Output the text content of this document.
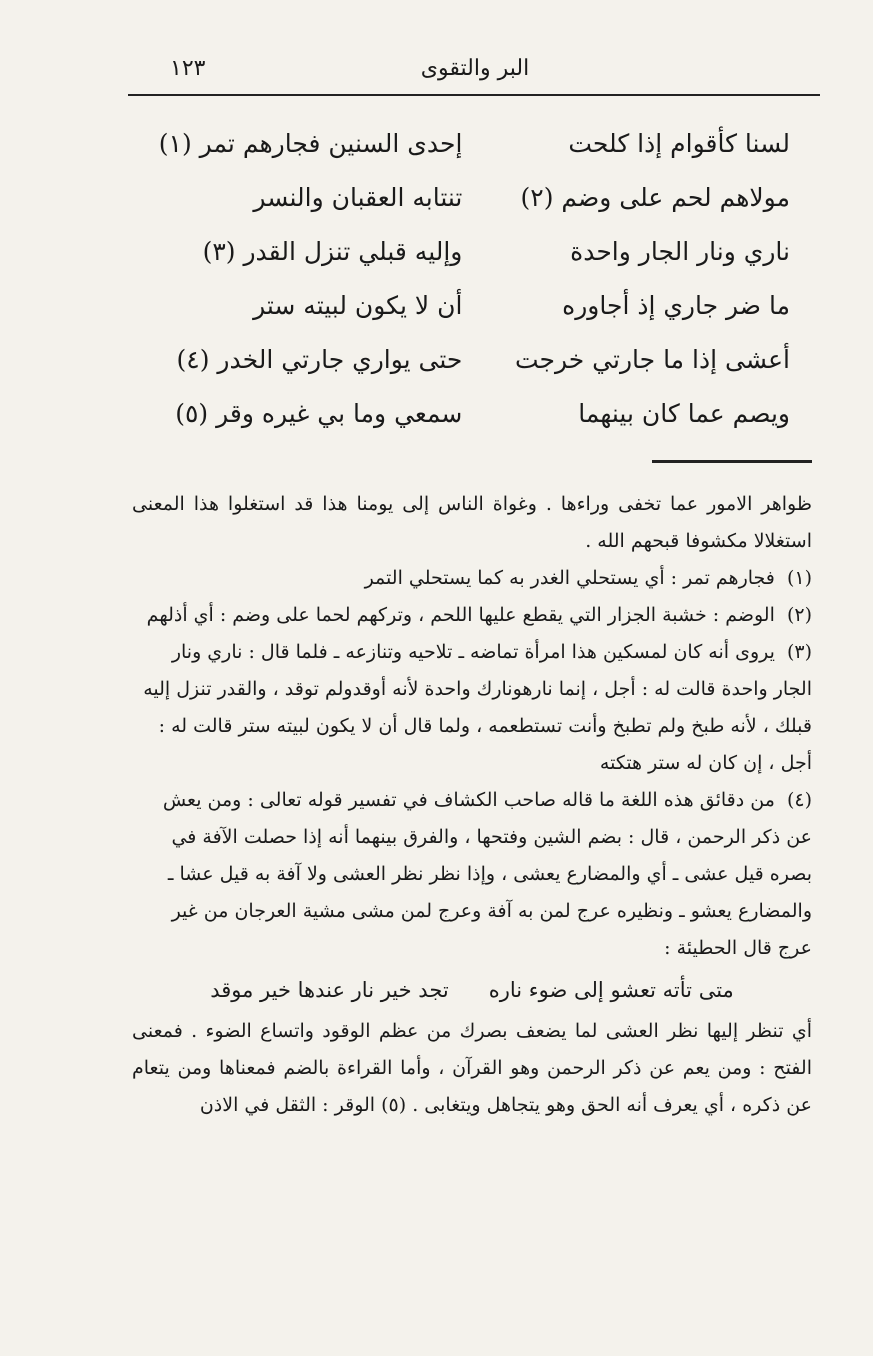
١٢٣	البر والتقوى
لسنا كأقوام إذا كلحت
إحدى السنين فجارهم تمر (١)
مولاهم لحم على وضم (٢)
تنتابه العقبان والنسر
ناري ونار الجار واحدة
وإليه قبلي تنزل القدر (٣)
ما ضر جاري إذ أجاوره
أن لا يكون لبيته ستر
أعشى إذا ما جارتي خرجت
حتى يواري جارتي الخدر (٤)
ويصم عما كان بينهما
سمعي وما بي غيره وقر (٥)

ظواهر الامور عما تخفى وراءها . وغواة الناس إلى يومنا هذا قد استغلوا هذا المعنى استغلالا مكشوفا قبحهم الله .

(١) فجارهم تمر : أي يستحلي الغدر به كما يستحلي التمر

(٢) الوضم : خشبة الجزار التي يقطع عليها اللحم ، وتركهم لحما على وضم : أي أذلهم

(٣) يروى أنه كان لمسكين هذا امرأة تماضه ـ تلاحيه وتنازعه ـ فلما قال : ناري ونار الجار واحدة قالت له : أجل ، إنما نارهونارك واحدة لأنه أوقدولم توقد ، والقدر تنزل إليه قبلك ، لأنه طبخ ولم تطبخ وأنت تستطعمه ، ولما قال أن لا يكون لبيته ستر قالت له : أجل ، إن كان له ستر هتكته

(٤) من دقائق هذه اللغة ما قاله صاحب الكشاف في تفسير قوله تعالى : ومن يعش عن ذكر الرحمن ، قال : بضم الشين وفتحها ، والفرق بينهما أنه إذا حصلت الآفة في بصره قيل عشى ـ أي والمضارع يعشى ، وإذا نظر نظر العشى ولا آفة به قيل عشا ـ والمضارع يعشو ـ ونظيره عرج لمن به آفة وعرج لمن مشى مشية العرجان من غير عرج قال الحطيئة :

متى تأته تعشو إلى ضوء ناره
تجد خير نار عندها خير موقد

أي تنظر إليها نظر العشى لما يضعف بصرك من عظم الوقود واتساع الضوء . فمعنى الفتح : ومن يعم عن ذكر الرحمن وهو القرآن ، وأما القراءة بالضم فمعناها ومن يتعام عن ذكره ، أي يعرف أنه الحق وهو يتجاهل ويتغابى . (٥) الوقر : الثقل في الاذن
